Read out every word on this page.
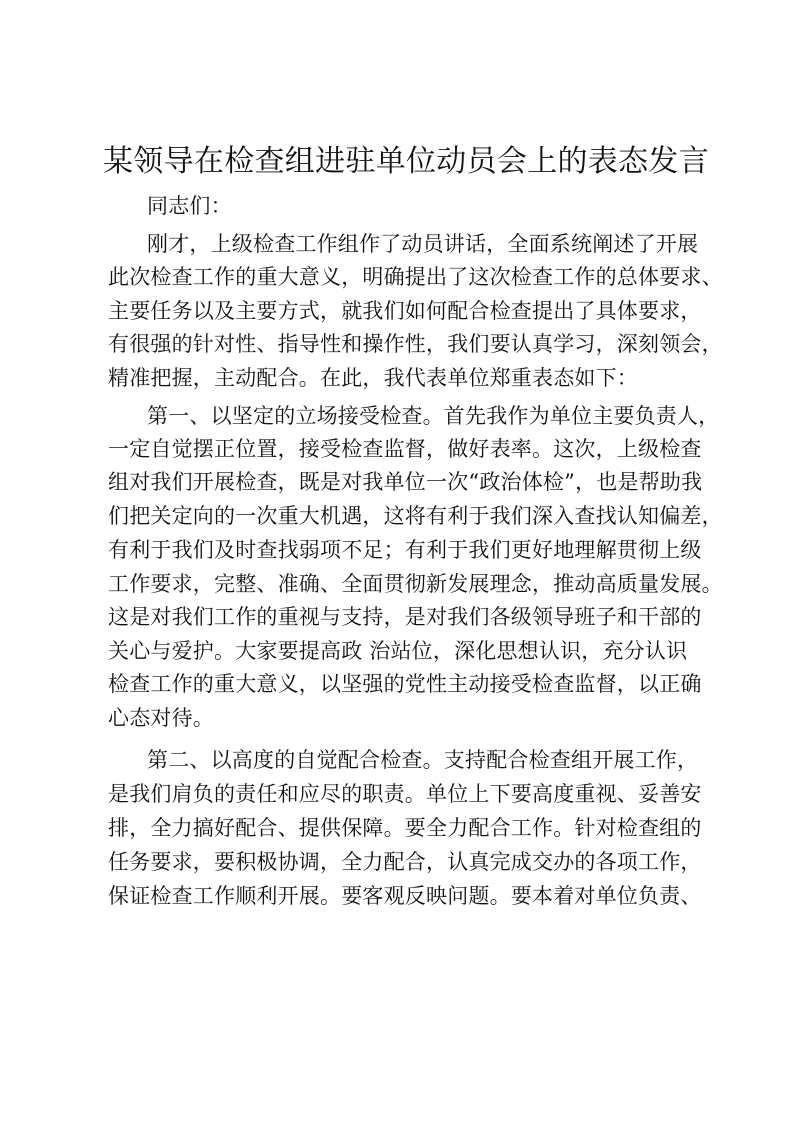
某领导在检查组进驻单位动员会上的表态发言
同志们：
刚才，上级检查工作组作了动员讲话，全面系统阐述了开展
此次检查工作的重大意义，明确提出了这次检查工作的总体要求、
主要任务以及主要方式，就我们如何配合检查提出了具体要求，
有很强的针对性、指导性和操作性，我们要认真学习，深刻领会，
精准把握，主动配合。在此，我代表单位郑重表态如下：
第一、以坚定的立场接受检查。首先我作为单位主要负责人，
一定自觉摆正位置，接受检查监督，做好表率。这次，上级检查
组对我们开展检查，既是对我单位一次“政治体检”，也是帮助我
们把关定向的一次重大机遇，这将有利于我们深入查找认知偏差，
有利于我们及时查找弱项不足；有利于我们更好地理解贯彻上级
工作要求，完整、准确、全面贯彻新发展理念，推动高质量发展。
这是对我们工作的重视与支持，是对我们各级领导班子和干部的
关心与爱护。大家要提高政 治站位，深化思想认识，充分认识
检查工作的重大意义，以坚强的党性主动接受检查监督，以正确
心态对待。
第二、以高度的自觉配合检查。支持配合检查组开展工作，
是我们肩负的责任和应尽的职责。单位上下要高度重视、妥善安
排，全力搞好配合、提供保障。要全力配合工作。针对检查组的
任务要求，要积极协调，全力配合，认真完成交办的各项工作，
保证检查工作顺利开展。要客观反映问题。要本着对单位负责、
